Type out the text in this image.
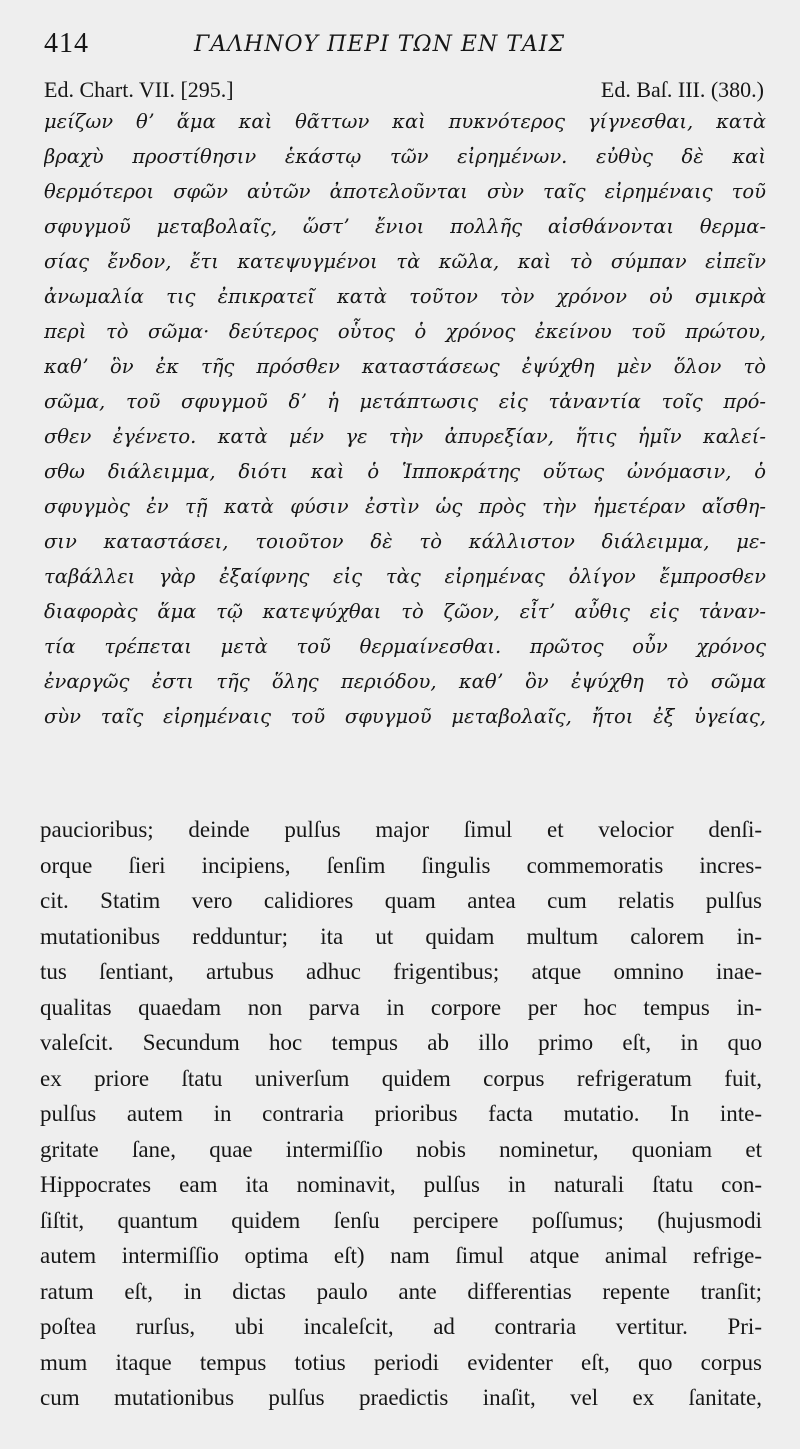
414	ΓΑΛΗΝΟΥ ΠΕΡΙ ΤΩΝ ΕΝ ΤΑΙΣ
Ed. Chart. VII. [295.]	Ed. Baſ. III. (380.)
μείζων θʼ ἅμα καὶ θᾶττων καὶ πυκνότερος γίγνεσθαι, κατὰ
βραχὺ προστίθησιν ἑκάστῳ τῶν εἰρημένων. εὐθὺς δὲ καὶ
θερμότεροι σφῶν αὐτῶν ἀποτελοῦνται σὺν ταῖς εἰρημέναις τοῦ
σφυγμοῦ μεταβολαῖς, ὥστʼ ἔνιοι πολλῆς αἰσθάνονται θερμα-
σίας ἔνδον, ἔτι κατεψυγμένοι τὰ κῶλα, καὶ τὸ σύμπαν εἰπεῖν
ἀνωμαλία τις ἐπικρατεῖ κατὰ τοῦτον τὸν χρόνον οὐ σμικρὰ
περὶ τὸ σῶμα· δεύτερος οὗτος ὁ χρόνος ἐκείνου τοῦ πρώτου,
καθʼ ὃν ἐκ τῆς πρόσθεν καταστάσεως ἐψύχθη μὲν ὅλον τὸ
σῶμα, τοῦ σφυγμοῦ δʼ ἡ μετάπτωσις εἰς τἀναντία τοῖς πρό-
σθεν ἐγένετο. κατὰ μέν γε τὴν ἀπυρεξίαν, ἥτις ἡμῖν καλεί-
σθω διάλειμμα, διότι καὶ ὁ Ἱπποκράτης οὕτως ὠνόμασιν, ὁ
σφυγμὸς ἐν τῇ κατὰ φύσιν ἐστὶν ὡς πρὸς τὴν ἡμετέραν αἴσθη-
σιν καταστάσει, τοιοῦτον δὲ τὸ κάλλιστον διάλειμμα, με-
ταβάλλει γὰρ ἐξαίφνης εἰς τὰς εἰρημένας ὀλίγον ἔμπροσθεν
διαφορὰς ἅμα τῷ κατεψύχθαι τὸ ζῶον, εἶτʼ αὖθις εἰς τἀναν-
τία τρέπεται μετὰ τοῦ θερμαίνεσθαι. πρῶτος οὖν χρόνος
ἐναργῶς ἐστι τῆς ὅλης περιόδου, καθʼ ὃν ἐψύχθη τὸ σῶμα
σὺν ταῖς εἰρημέναις τοῦ σφυγμοῦ μεταβολαῖς, ἤτοι ἐξ ὑγείας,
paucioribus; deinde pulſus major ſimul et velocior denſi-
orque ſieri incipiens, ſenſim ſingulis commemoratis incres-
cit. Statim vero calidiores quam antea cum relatis pulſus
mutationibus redduntur; ita ut quidam multum calorem in-
tus ſentiant, artubus adhuc frigentibus; atque omnino inae-
qualitas quaedam non parva in corpore per hoc tempus in-
valeſcit. Secundum hoc tempus ab illo primo eſt, in quo
ex priore ſtatu univerſum quidem corpus refrigeratum fuit,
pulſus autem in contraria prioribus facta mutatio. In inte-
gritate ſane, quae intermiſſio nobis nominetur, quoniam et
Hippocrates eam ita nominavit, pulſus in naturali ſtatu con-
ſiſtit, quantum quidem ſenſu percipere poſſumus; (hujusmodi
autem intermiſſio optima eſt) nam ſimul atque animal refrige-
ratum eſt, in dictas paulo ante differentias repente tranſit;
poſtea rurſus, ubi incaleſcit, ad contraria vertitur. Pri-
mum itaque tempus totius periodi evidenter eſt, quo corpus
cum mutationibus pulſus praedictis inaſit, vel ex ſanitate,
